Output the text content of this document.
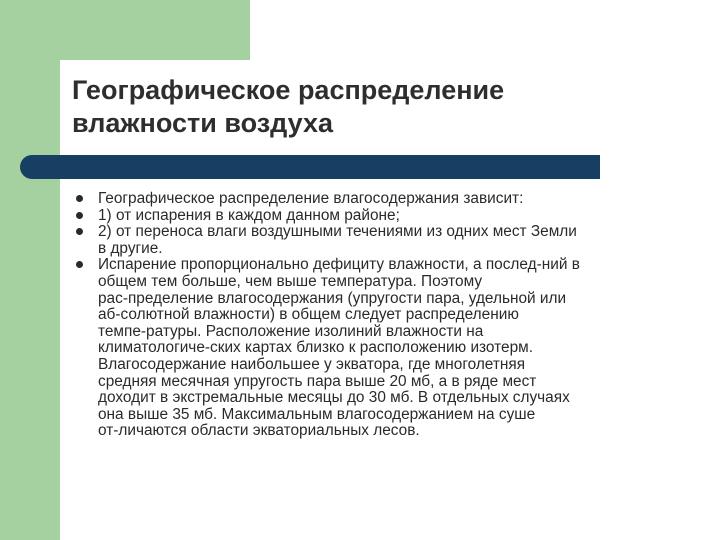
Географическое распределение
влажности воздуха
Географическое распределение влагосодержания зависит:
1) от испарения в каждом данном районе;
2) от переноса влаги воздушными течениями из одних мест Земли
в другие.
Испарение пропорционально дефициту влажности, а послед-ний в
общем тем больше, чем выше температура. Поэтому
рас-пределение влагосодержания (упругости пара, удельной или
аб-солютной влажности) в общем следует распределению
темпе-ратуры. Расположение изолиний влажности на
климатологиче-ских картах близко к расположению изотерм.
Влагосодержание наибольшее у экватора, где многолетняя
средняя месячная упругость пара выше 20 мб, а в ряде мест
доходит в экстремальные месяцы до 30 мб. В отдельных случаях
она выше 35 мб. Максимальным влагосодержанием на суше
от-личаются области экваториальных лесов.
